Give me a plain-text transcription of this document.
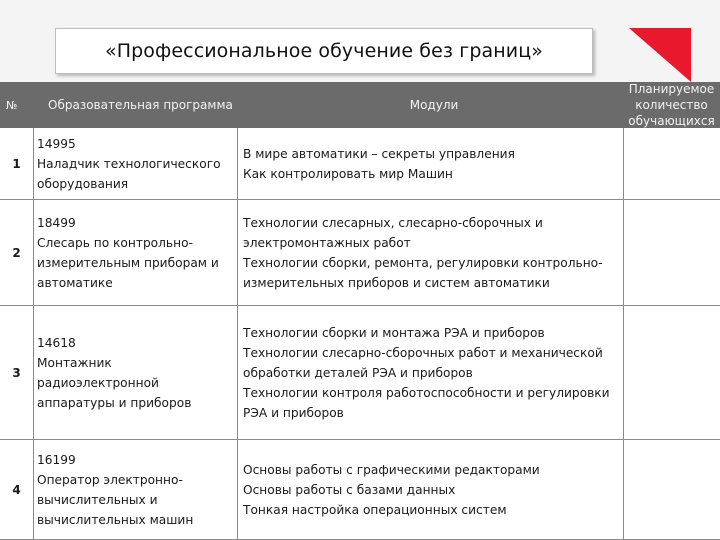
«Профессиональное обучение без границ»
№	Образовательная программа	Модули
Планируемое количество обучающихся
1
14995
Наладчик технологического
оборудования
В мире автоматики – секреты управления
Как контролировать мир Машин
2
18499
Слесарь по контрольно-
измерительным приборам и
автоматике
Технологии слесарных, слесарно-сборочных и
электромонтажных работ
Технологии сборки, ремонта, регулировки контрольно-
измерительных приборов и систем автоматики
3
14618
Монтажник радиоэлектронной
аппаратуры и приборов
Технологии сборки и монтажа РЭА и приборов
Технологии слесарно-сборочных работ и механической
обработки деталей РЭА и приборов
Технологии контроля работоспособности и регулировки
РЭА и приборов
4
16199
Оператор электронно-
вычислительных и
вычислительных машин
Основы работы с графическими редакторами
Основы работы с базами данных
Тонкая настройка операционных систем
